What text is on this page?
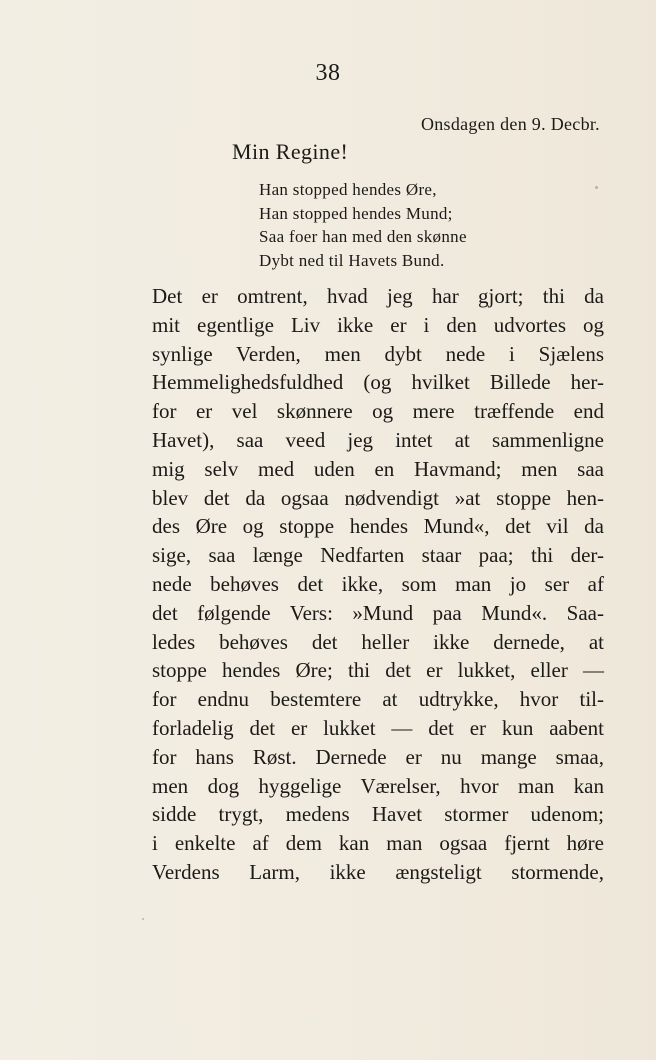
38
Onsdagen den 9. Decbr.
Min Regine!
Han stopped hendes Øre,
Han stopped hendes Mund;
Saa foer han med den skønne
Dybt ned til Havets Bund.
Det er omtrent, hvad jeg har gjort; thi da
mit egentlige Liv ikke er i den udvortes og
synlige Verden, men dybt nede i Sjælens
Hemmelighedsfuldhed (og hvilket Billede her-
for er vel skønnere og mere træffende end
Havet), saa veed jeg intet at sammenligne
mig selv med uden en Havmand; men saa
blev det da ogsaa nødvendigt »at stoppe hen-
des Øre og stoppe hendes Mund«, det vil da
sige, saa længe Nedfarten staar paa; thi der-
nede behøves det ikke, som man jo ser af
det følgende Vers: »Mund paa Mund«. Saa-
ledes behøves det heller ikke dernede, at
stoppe hendes Øre; thi det er lukket, eller —
for endnu bestemtere at udtrykke, hvor til-
forladelig det er lukket — det er kun aabent
for hans Røst. Dernede er nu mange smaa,
men dog hyggelige Værelser, hvor man kan
sidde trygt, medens Havet stormer udenom;
i enkelte af dem kan man ogsaa fjernt høre
Verdens Larm, ikke ængsteligt stormende,
